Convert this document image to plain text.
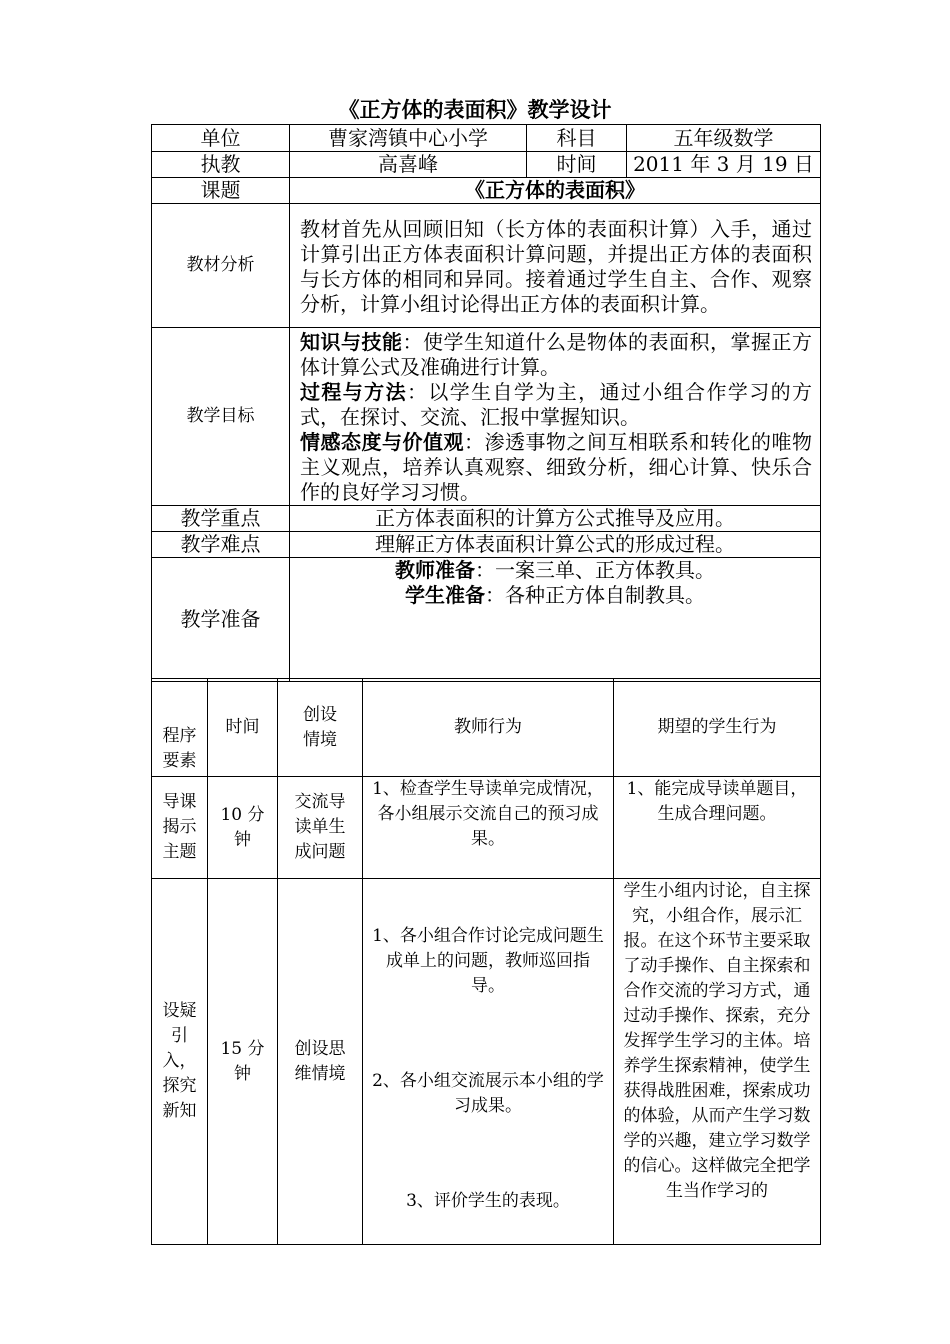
《正方体的表面积》教学设计
单位	曹家湾镇中心小学	科目	五年级数学
执教	高喜峰	时间	2011 年 3 月 19 日
课题	《正方体的表面积》		
教材分析	教材首先从回顾旧知（长方体的表面积计算）入手，通过计算引出正方体表面积计算问题，并提出正方体的表面积与长方体的相同和异同。接着通过学生自主、合作、观察分析，计算小组讨论得出正方体的表面积计算。		
教学目标	知识与技能：使学生知道什么是物体的表面积，掌握正方体计算公式及准确进行计算。

过程与方法：以学生自学为主，通过小组合作学习的方式，在探讨、交流、汇报中掌握知识。

情感态度与价值观：渗透事物之间互相联系和转化的唯物主义观点，培养认真观察、细致分析，细心计算、快乐合作的良好学习习惯。		

教学重点	正方体表面积的计算方公式推导及应用。		
教学难点	理解正方体表面积计算公式的形成过程。		
教学准备	教师准备：一案三单、正方体教具。
学生准备：各种正方体自制教具。		
程序要素	时间	创设情境	教师行为	期望的学生行为
导课揭示主题	10 分钟	交流导读单生成问题	1、检查学生导读单完成情况，各小组展示交流自己的预习成果。	1、能完成导读单题目，生成合理问题。
设疑引入，探究新知	15 分钟	创设思维情境	1、各小组合作讨论完成问题生成单上的问题，教师巡回指导。
2、各小组交流展示本小组的学习成果。
3、评价学生的表现。	学生小组内讨论，自主探究，小组合作，展示汇报。在这个环节主要采取了动手操作、自主探索和合作交流的学习方式，通过动手操作、探索，充分发挥学生学习的主体。培养学生探索精神，使学生获得战胜困难，探索成功的体验，从而产生学习数学的兴趣，建立学习数学的信心。这样做完全把学生当作学习的
